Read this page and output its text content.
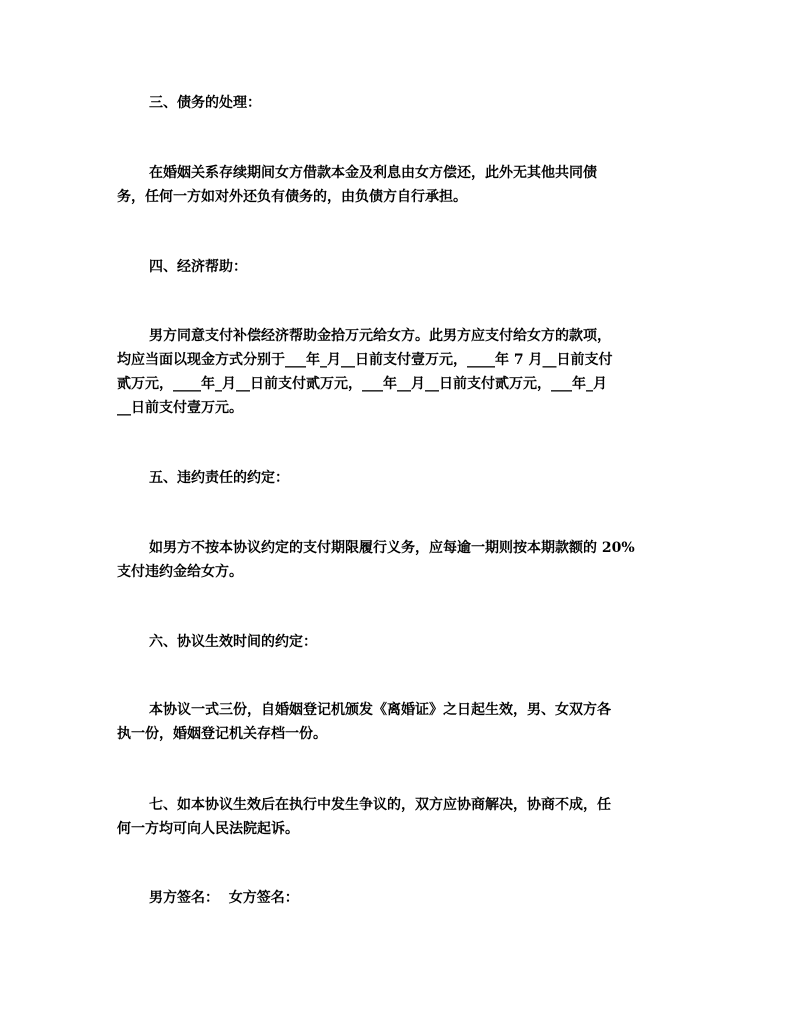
三、债务的处理：
在婚姻关系存续期间女方借款本金及利息由女方偿还，此外无其他共同债
务，任何一方如对外还负有债务的，由负债方自行承担。
四、经济帮助：
男方同意支付补偿经济帮助金拾万元给女方。此男方应支付给女方的款项，
均应当面以现金方式分别于___年_月__日前支付壹万元，____年 7 月__日前支付
贰万元，____年_月__日前支付贰万元，___年__月__日前支付贰万元，___年_月
__日前支付壹万元。
五、违约责任的约定：
如男方不按本协议约定的支付期限履行义务，应每逾一期则按本期款额的 20%
支付违约金给女方。
六、协议生效时间的约定：
本协议一式三份，自婚姻登记机颁发《离婚证》之日起生效，男、女双方各
执一份，婚姻登记机关存档一份。
七、如本协议生效后在执行中发生争议的，双方应协商解决，协商不成，任
何一方均可向人民法院起诉。
男方签名：  女方签名：
